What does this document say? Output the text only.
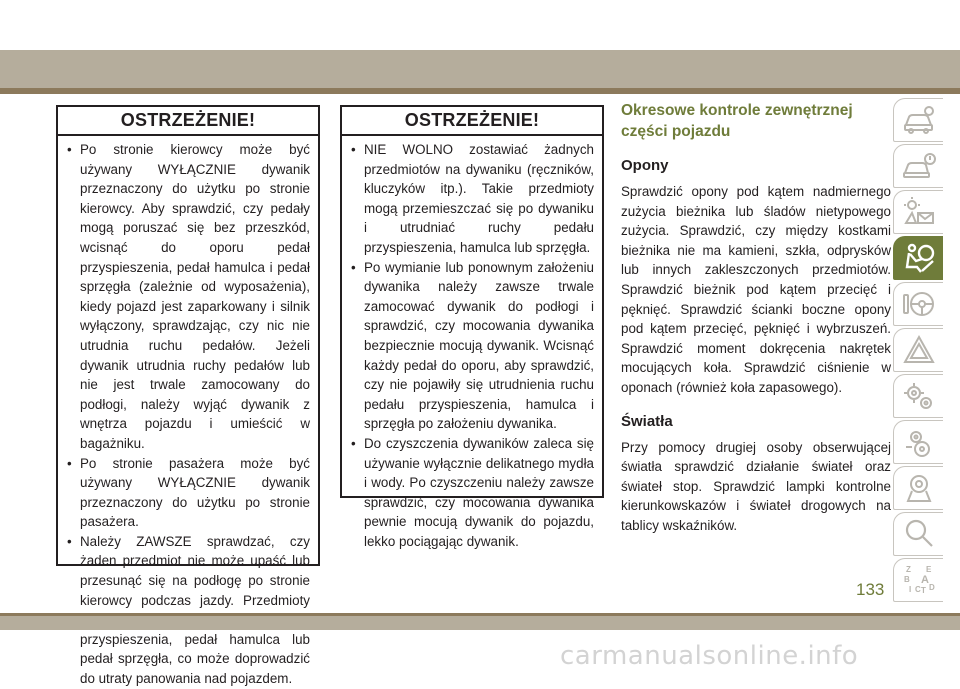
OSTRZEŻENIE!
• Po stronie kierowcy może być używany WYŁĄCZNIE dywanik przeznaczony do użytku po stronie kierowcy. Aby sprawdzić, czy pedały mogą poruszać się bez przeszkód, wcisnąć do oporu pedał przyspieszenia, pedał hamulca i pedał sprzęgła (zależnie od wyposażenia), kiedy pojazd jest zaparkowany i silnik wyłączony, sprawdzając, czy nic nie utrudnia ruchu pedałów. Jeżeli dywanik utrudnia ruchy pedałów lub nie jest trwale zamocowany do podłogi, należy wyjąć dywanik z wnętrza pojazdu i umieścić w bagażniku.
• Po stronie pasażera może być używany WYŁĄCZNIE dywanik przeznaczony do użytku po stronie pasażera.
• Należy ZAWSZE sprawdzać, czy żaden przedmiot nie może upaść lub przesunąć się na podłogę po stronie kierowcy podczas jazdy. Przedmioty przyspieszenia, pedał hamulca lub pedał sprzęgła, co może doprowadzić do utraty panowania nad pojazdem.
OSTRZEŻENIE!
• NIE WOLNO zostawiać żadnych przedmiotów na dywaniku (ręczników, kluczyków itp.). Takie przedmioty mogą przemieszczać się po dywaniku i utrudniać ruchy pedału przyspieszenia, hamulca lub sprzęgła.
• Po wymianie lub ponownym założeniu dywanika należy zawsze trwale zamocować dywanik do podłogi i sprawdzić, czy mocowania dywanika bezpiecznie mocują dywanik. Wcisnąć każdy pedał do oporu, aby sprawdzić, czy nie pojawiły się utrudnienia ruchu pedału przyspieszenia, hamulca i sprzęgła po założeniu dywanika.
• Do czyszczenia dywaników zaleca się używanie wyłącznie delikatnego mydła i wody. Po czyszczeniu należy zawsze sprawdzić, czy mocowania dywanika pewnie mocują dywanik do pojazdu, lekko pociągając dywanik.
Okresowe kontrole zewnętrznej części pojazdu
Opony
Sprawdzić opony pod kątem nadmiernego zużycia bieżnika lub śladów nietypowego zużycia. Sprawdzić, czy między kostkami bieżnika nie ma kamieni, szkła, odprysków lub innych zakleszczonych przedmiotów. Sprawdzić bieżnik pod kątem przecięć i pęknięć. Sprawdzić ścianki boczne opony pod kątem przecięć, pęknięć i wybrzuszeń. Sprawdzić moment dokręcenia nakrętek mocujących koła. Sprawdzić ciśnienie w oponach (również koła zapasowego).
Światła
Przy pomocy drugiej osoby obserwującej światła sprawdzić działanie świateł oraz świateł stop. Sprawdzić lampki kontrolne kierunkowskazów i świateł drogowych na tablicy wskaźników.
Z E
B A
I C T D
133
carmanualsonline.info
